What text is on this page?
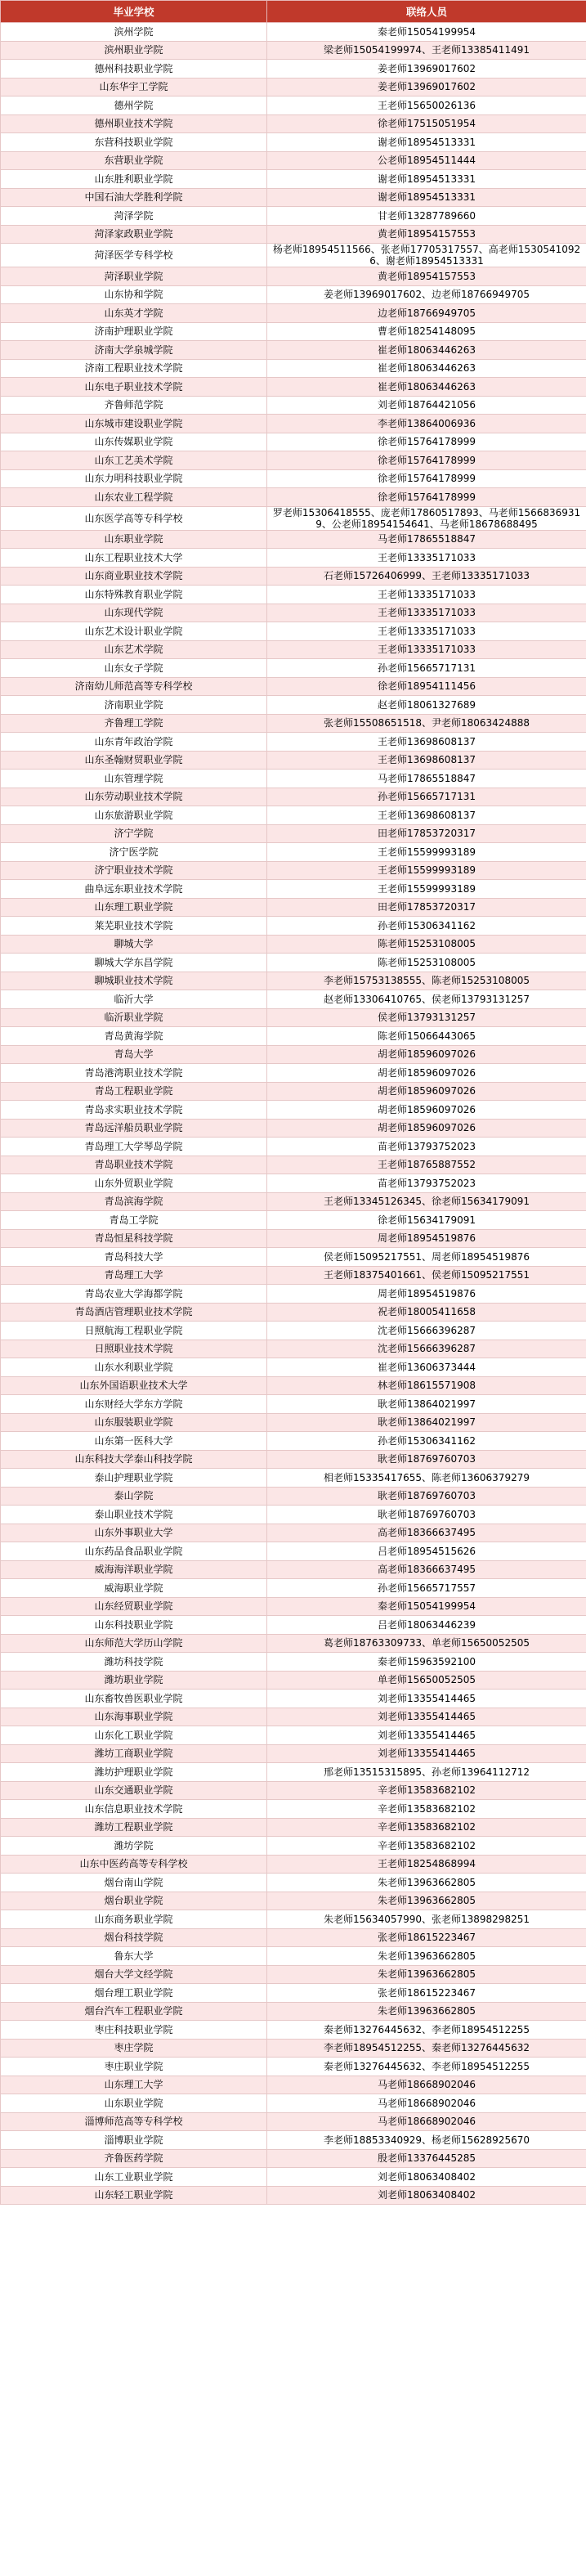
毕业学校	联络人员
滨州学院	秦老师15054199954
滨州职业学院	梁老师15054199974、王老师13385411491
德州科技职业学院	姜老师13969017602
山东华宇工学院	姜老师13969017602
德州学院	王老师15650026136
德州职业技术学院	徐老师17515051954
东营科技职业学院	谢老师18954513331
东营职业学院	公老师18954511444
山东胜利职业学院	谢老师18954513331
中国石油大学胜利学院	谢老师18954513331
菏泽学院	甘老师13287789660
菏泽家政职业学院	黄老师18954157553
菏泽医学专科学校	杨老师18954511566、张老师17705317557、高老师15305410926、谢老师18954513331
菏泽职业学院	黄老师18954157553
山东协和学院	姜老师13969017602、边老师18766949705
山东英才学院	边老师18766949705
济南护理职业学院	曹老师18254148095
济南大学泉城学院	崔老师18063446263
济南工程职业技术学院	崔老师18063446263
山东电子职业技术学院	崔老师18063446263
齐鲁师范学院	刘老师18764421056
山东城市建设职业学院	李老师13864006936
山东传媒职业学院	徐老师15764178999
山东工艺美术学院	徐老师15764178999
山东力明科技职业学院	徐老师15764178999
山东农业工程学院	徐老师15764178999
山东医学高等专科学校	罗老师15306418555、庞老师17860517893、马老师15668369319、公老师18954154641、马老师18678688495
山东职业学院	马老师17865518847
山东工程职业技术大学	王老师13335171033
山东商业职业技术学院	石老师15726406999、王老师13335171033
山东特殊教育职业学院	王老师13335171033
山东现代学院	王老师13335171033
山东艺术设计职业学院	王老师13335171033
山东艺术学院	王老师13335171033
山东女子学院	孙老师15665717131
济南幼儿师范高等专科学校	徐老师18954111456
济南职业学院	赵老师18061327689
齐鲁理工学院	张老师15508651518、尹老师18063424888
山东青年政治学院	王老师13698608137
山东圣翰财贸职业学院	王老师13698608137
山东管理学院	马老师17865518847
山东劳动职业技术学院	孙老师15665717131
山东旅游职业学院	王老师13698608137
济宁学院	田老师17853720317
济宁医学院	王老师15599993189
济宁职业技术学院	王老师15599993189
曲阜远东职业技术学院	王老师15599993189
山东理工职业学院	田老师17853720317
莱芜职业技术学院	孙老师15306341162
聊城大学	陈老师15253108005
聊城大学东昌学院	陈老师15253108005
聊城职业技术学院	李老师15753138555、陈老师15253108005
临沂大学	赵老师13306410765、侯老师13793131257
临沂职业学院	侯老师13793131257
青岛黄海学院	陈老师15066443065
青岛大学	胡老师18596097026
青岛港湾职业技术学院	胡老师18596097026
青岛工程职业学院	胡老师18596097026
青岛求实职业技术学院	胡老师18596097026
青岛远洋船员职业学院	胡老师18596097026
青岛理工大学琴岛学院	苗老师13793752023
青岛职业技术学院	王老师18765887552
山东外贸职业学院	苗老师13793752023
青岛滨海学院	王老师13345126345、徐老师15634179091
青岛工学院	徐老师15634179091
青岛恒星科技学院	周老师18954519876
青岛科技大学	侯老师15095217551、周老师18954519876
青岛理工大学	王老师18375401661、侯老师15095217551
青岛农业大学海都学院	周老师18954519876
青岛酒店管理职业技术学院	祝老师18005411658
日照航海工程职业学院	沈老师15666396287
日照职业技术学院	沈老师15666396287
山东水利职业学院	崔老师13606373444
山东外国语职业技术大学	林老师18615571908
山东财经大学东方学院	耿老师13864021997
山东服装职业学院	耿老师13864021997
山东第一医科大学	孙老师15306341162
山东科技大学泰山科技学院	耿老师18769760703
泰山护理职业学院	相老师15335417655、陈老师13606379279
泰山学院	耿老师18769760703
泰山职业技术学院	耿老师18769760703
山东外事职业大学	高老师18366637495
山东药品食品职业学院	吕老师18954515626
威海海洋职业学院	高老师18366637495
威海职业学院	孙老师15665717557
山东经贸职业学院	秦老师15054199954
山东科技职业学院	吕老师18063446239
山东师范大学历山学院	葛老师18763309733、单老师15650052505
潍坊科技学院	秦老师15963592100
潍坊职业学院	单老师15650052505
山东畜牧兽医职业学院	刘老师13355414465
山东海事职业学院	刘老师13355414465
山东化工职业学院	刘老师13355414465
潍坊工商职业学院	刘老师13355414465
潍坊护理职业学院	邢老师13515315895、孙老师13964112712
山东交通职业学院	辛老师13583682102
山东信息职业技术学院	辛老师13583682102
潍坊工程职业学院	辛老师13583682102
潍坊学院	辛老师13583682102
山东中医药高等专科学校	王老师18254868994
烟台南山学院	朱老师13963662805
烟台职业学院	朱老师13963662805
山东商务职业学院	朱老师15634057990、张老师13898298251
烟台科技学院	张老师18615223467
鲁东大学	朱老师13963662805
烟台大学文经学院	朱老师13963662805
烟台理工职业学院	张老师18615223467
烟台汽车工程职业学院	朱老师13963662805
枣庄科技职业学院	秦老师13276445632、李老师18954512255
枣庄学院	李老师18954512255、秦老师13276445632
枣庄职业学院	秦老师13276445632、李老师18954512255
山东理工大学	马老师18668902046
山东职业学院	马老师18668902046
淄博师范高等专科学校	马老师18668902046
淄博职业学院	李老师18853340929、杨老师15628925670
齐鲁医药学院	殷老师13376445285
山东工业职业学院	刘老师18063408402
山东轻工职业学院	刘老师18063408402
